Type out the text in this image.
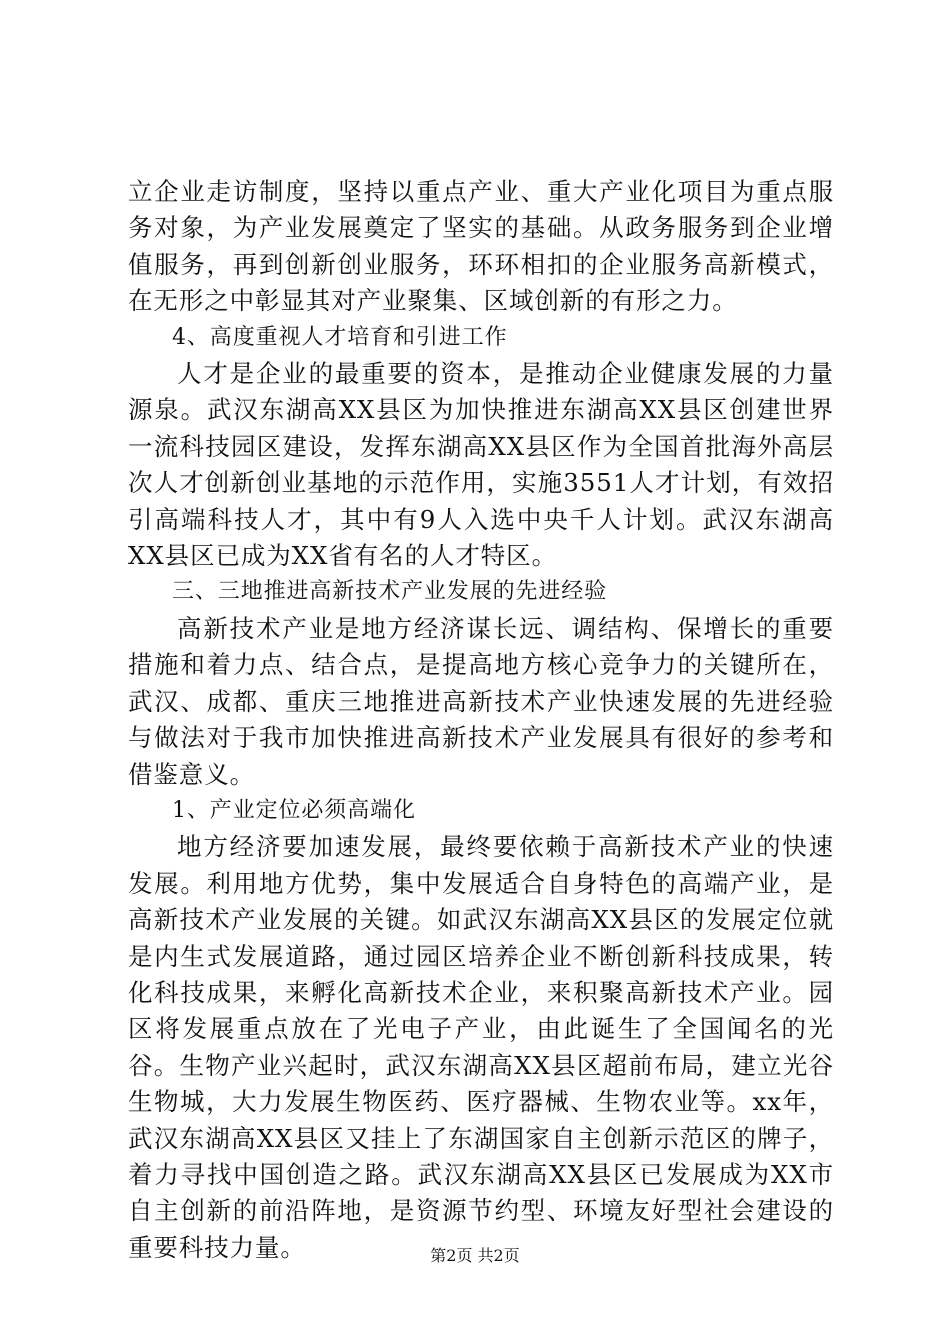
立企业走访制度，坚持以重点产业、重大产业化项目为重点服务对象，为产业发展奠定了坚实的基础。从政务服务到企业增值服务，再到创新创业服务，环环相扣的企业服务高新模式，在无形之中彰显其对产业聚集、区域创新的有形之力。

4、高度重视人才培育和引进工作

人才是企业的最重要的资本，是推动企业健康发展的力量源泉。武汉东湖高XX县区为加快推进东湖高XX县区创建世界一流科技园区建设，发挥东湖高XX县区作为全国首批海外高层次人才创新创业基地的示范作用，实施3551人才计划，有效招引高端科技人才，其中有9人入选中央千人计划。武汉东湖高XX县区已成为XX省有名的人才特区。

三、三地推进高新技术产业发展的先进经验

高新技术产业是地方经济谋长远、调结构、保增长的重要措施和着力点、结合点，是提高地方核心竞争力的关键所在，武汉、成都、重庆三地推进高新技术产业快速发展的先进经验与做法对于我市加快推进高新技术产业发展具有很好的参考和借鉴意义。

1、产业定位必须高端化

地方经济要加速发展，最终要依赖于高新技术产业的快速发展。利用地方优势，集中发展适合自身特色的高端产业，是高新技术产业发展的关键。如武汉东湖高XX县区的发展定位就是内生式发展道路，通过园区培养企业不断创新科技成果，转化科技成果，来孵化高新技术企业，来积聚高新技术产业。园区将发展重点放在了光电子产业，由此诞生了全国闻名的光谷。生物产业兴起时，武汉东湖高XX县区超前布局，建立光谷生物城，大力发展生物医药、医疗器械、生物农业等。xx年，武汉东湖高XX县区又挂上了东湖国家自主创新示范区的牌子，着力寻找中国创造之路。武汉东湖高XX县区已发展成为XX市自主创新的前沿阵地，是资源节约型、环境友好型社会建设的重要科技力量。	第2页 共2页
